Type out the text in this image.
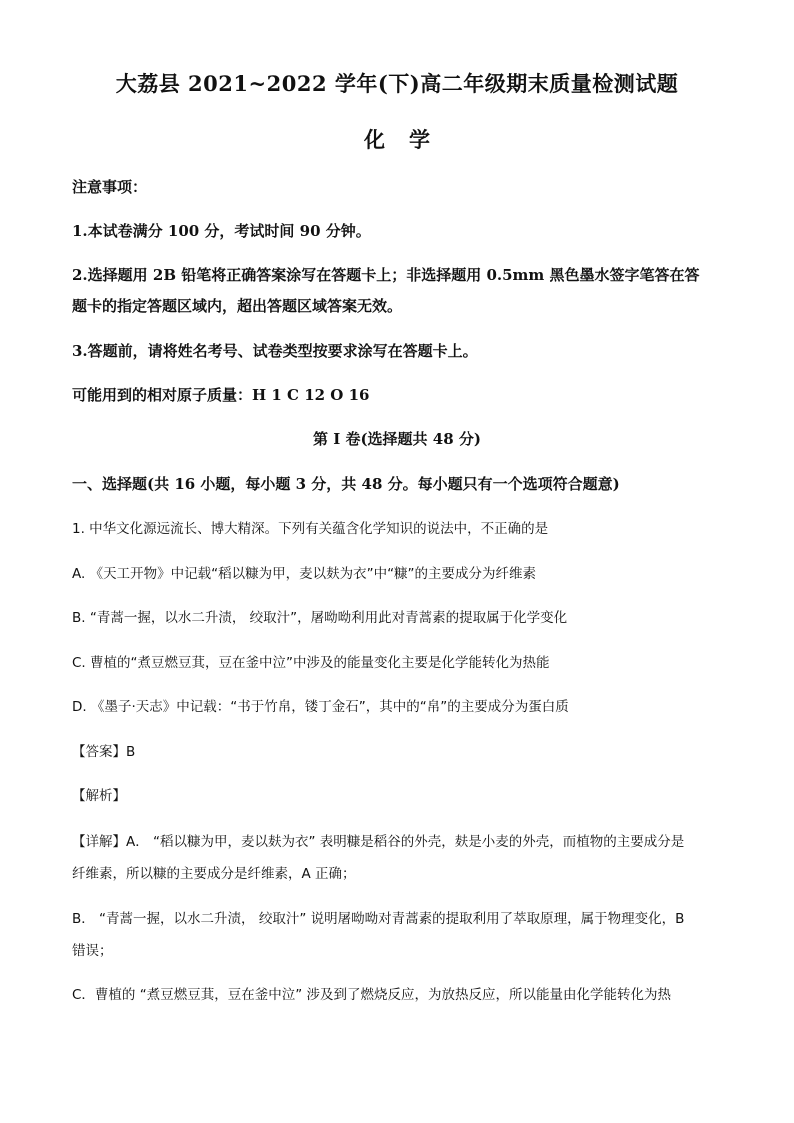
大荔县 2021~2022 学年(下)高二年级期末质量检测试题
化学
注意事项：
1.本试卷满分 100 分，考试时间 90 分钟。
2.选择题用 2B 铅笔将正确答案涂写在答题卡上；非选择题用 0.5mm 黑色墨水签字笔答在答
题卡的指定答题区域内，超出答题区域答案无效。
3.答题前，请将姓名考号、试卷类型按要求涂写在答题卡上。
可能用到的相对原子质量：H 1 C 12 O 16
第 I 卷(选择题共 48 分)
一、选择题(共 16 小题，每小题 3 分，共 48 分。每小题只有一个选项符合题意)
1. 中华文化源远流长、博大精深。下列有关蕴含化学知识的说法中，不正确的是
A. 《天工开物》中记载“稻以糠为甲，麦以麸为衣”中“糠”的主要成分为纤维素
B. “青蒿一握，以水二升渍， 绞取汁”，屠呦呦利用此对青蒿素的提取属于化学变化
C. 曹植的“煮豆燃豆萁，豆在釜中泣”中涉及的能量变化主要是化学能转化为热能
D. 《墨子·天志》中记载：“书于竹帛，镂丁金石”，其中的“帛”的主要成分为蛋白质
【答案】B
【解析】
【详解】A． “稻以糠为甲，麦以麸为衣” 表明糠是稻谷的外壳，麸是小麦的外壳，而植物的主要成分是
纤维素，所以糠的主要成分是纤维素，A 正确；
B． “青蒿一握，以水二升渍， 绞取汁” 说明屠呦呦对青蒿素的提取利用了萃取原理，属于物理变化，B
错误；
C．曹植的 “煮豆燃豆萁，豆在釜中泣” 涉及到了燃烧反应，为放热反应，所以能量由化学能转化为热
